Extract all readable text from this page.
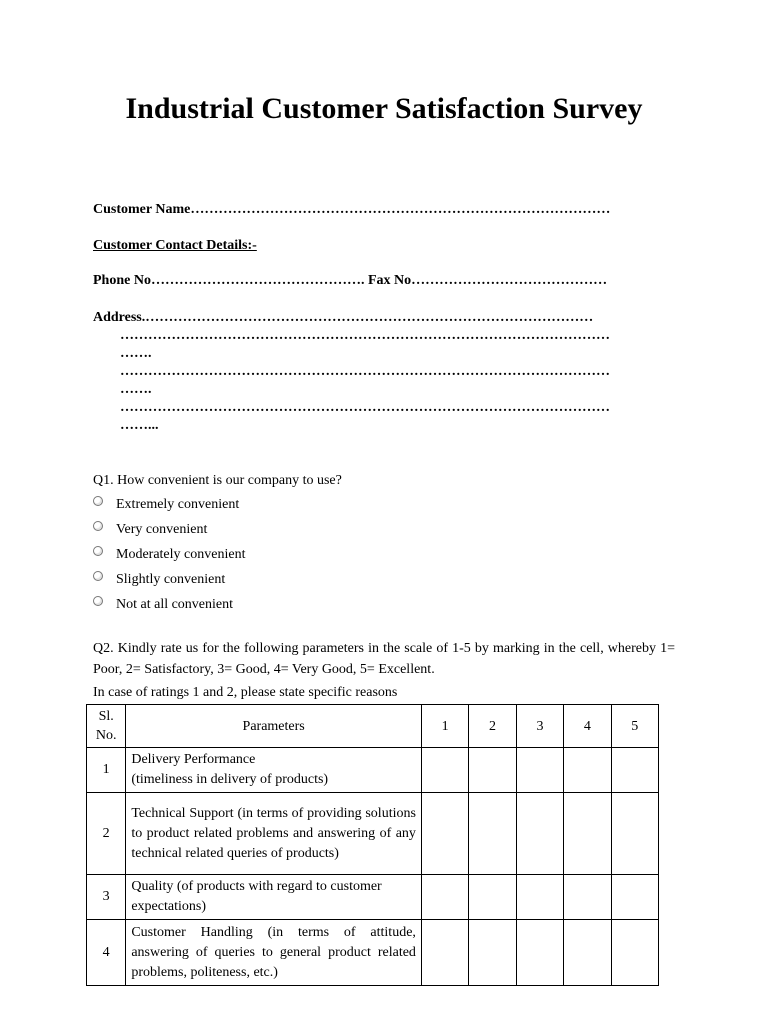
Industrial Customer Satisfaction Survey
Customer Name………………………………………………………………………………
Customer Contact Details:-
Phone No………………………………………. Fax No……………………………………
Address.……………………………………………………………………………………
……………………………………………………………………………………………
…….
……………………………………………………………………………………………
…….
……………………………………………………………………………………………
……...
Q1. How convenient is our company to use?
Extremely convenient
Very convenient
Moderately convenient
Slightly convenient
Not at all convenient
Q2. Kindly rate us for the following parameters in the scale of 1-5 by marking in the cell, whereby 1= Poor, 2= Satisfactory, 3= Good, 4= Very Good, 5= Excellent.
In case of ratings 1 and 2, please state specific reasons
Sl.
No.	Parameters	1	2	3	4	5
1	Delivery Performance
(timeliness in delivery of products)					
2	Technical Support (in terms of providing solutions to product related problems and answering of any technical related queries of products)					
3	Quality (of products with regard to customer expectations)					
4	Customer Handling (in terms of attitude, answering of queries to general product related problems, politeness, etc.)					
